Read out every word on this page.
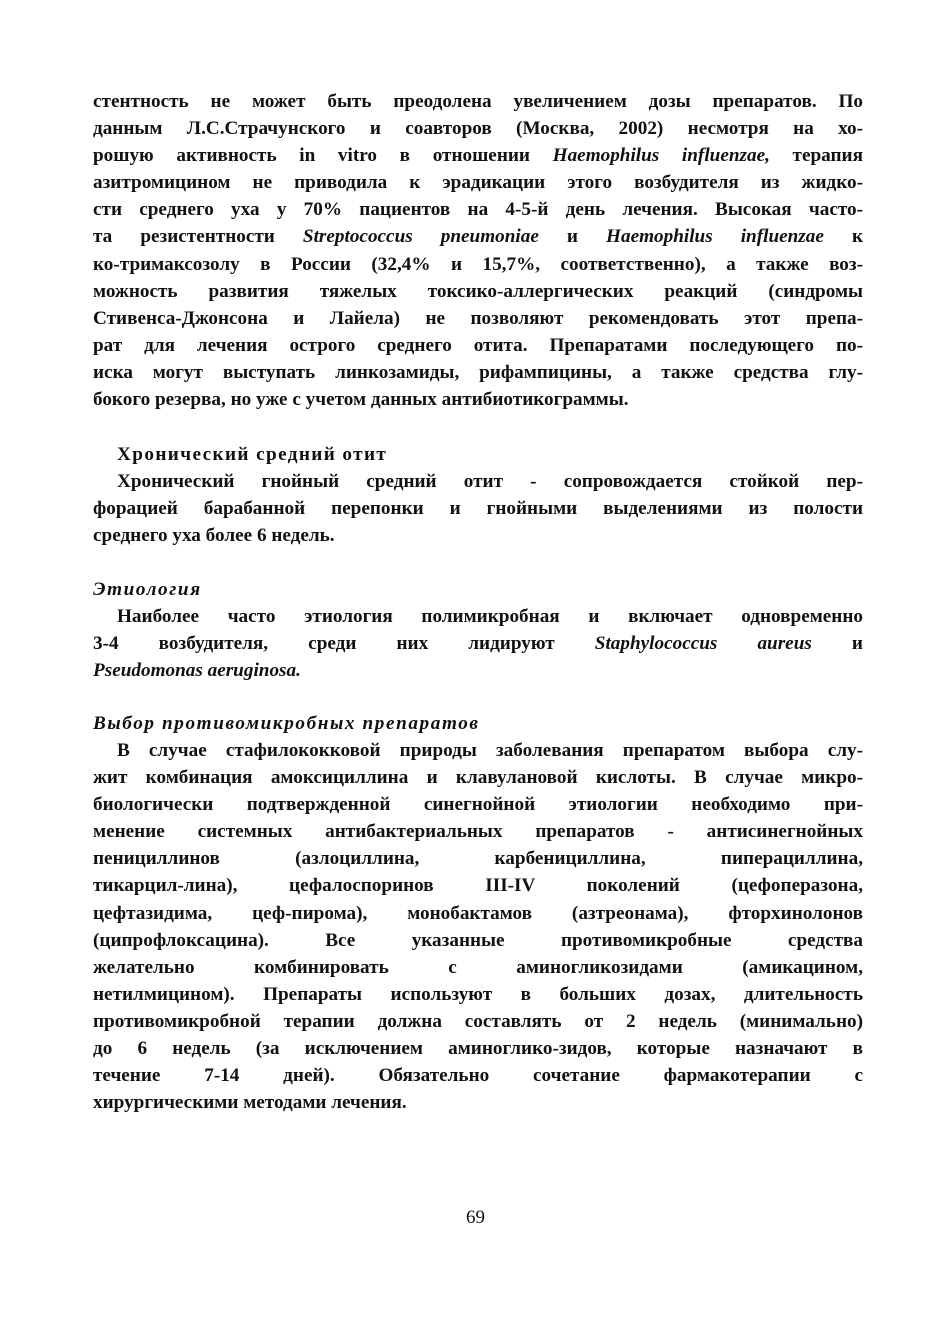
стентность не может быть преодолена увеличением дозы препаратов. По
данным Л.С.Страчунского и соавторов (Москва, 2002) несмотря на хо-
рошую активность in vitro в отношении Haemophilus influenzae, терапия
азитромицином не приводила к эрадикации этого возбудителя из жидко-
сти среднего уха у 70% пациентов на 4-5-й день лечения. Высокая часто-
та резистентности Streptococcus pneumoniae и Haemophilus influenzae к
ко-тримаксозолу в России (32,4% и 15,7%, соответственно), а также воз-
можность развития тяжелых токсико-аллергических реакций (синдромы
Стивенса-Джонсона и Лайела) не позволяют рекомендовать этот препа-
рат для лечения острого среднего отита. Препаратами последующего по-
иска могут выступать линкозамиды, рифампицины, а также средства глу-
бокого резерва, но уже с учетом данных антибиотикограммы.
Хронический средний отит
Хронический гнойный средний отит - сопровождается стойкой пер-
форацией барабанной перепонки и гнойными выделениями из полости
среднего уха более 6 недель.
Этиология
Наиболее часто этиология полимикробная и включает одновременно
3-4 возбудителя, среди них лидируют Staphylococcus aureus и
Pseudomonas aeruginosa.
Выбор противомикробных препаратов
В случае стафилококковой природы заболевания препаратом выбора слу-
жит комбинация амоксициллина и клавулановой кислоты. В случае микро-
биологически подтвержденной синегнойной этиологии необходимо при-
менение системных антибактериальных препаратов - антисинегнойных
пенициллинов (азлоциллина, карбенициллина, пиперациллина,
тикарцил-лина), цефалоспоринов III-IV поколений (цефоперазона,
цефтазидима, цеф-пирома), монобактамов (азтреонама), фторхинолонов
(ципрофлоксацина). Все указанные противомикробные средства
желательно комбинировать с аминогликозидами (амикацином,
нетилмицином). Препараты используют в больших дозах, длительность
противомикробной терапии должна составлять от 2 недель (минимально)
до 6 недель (за исключением аминоглико-зидов, которые назначают в
течение 7-14 дней). Обязательно сочетание фармакотерапии с
хирургическими методами лечения.
69
